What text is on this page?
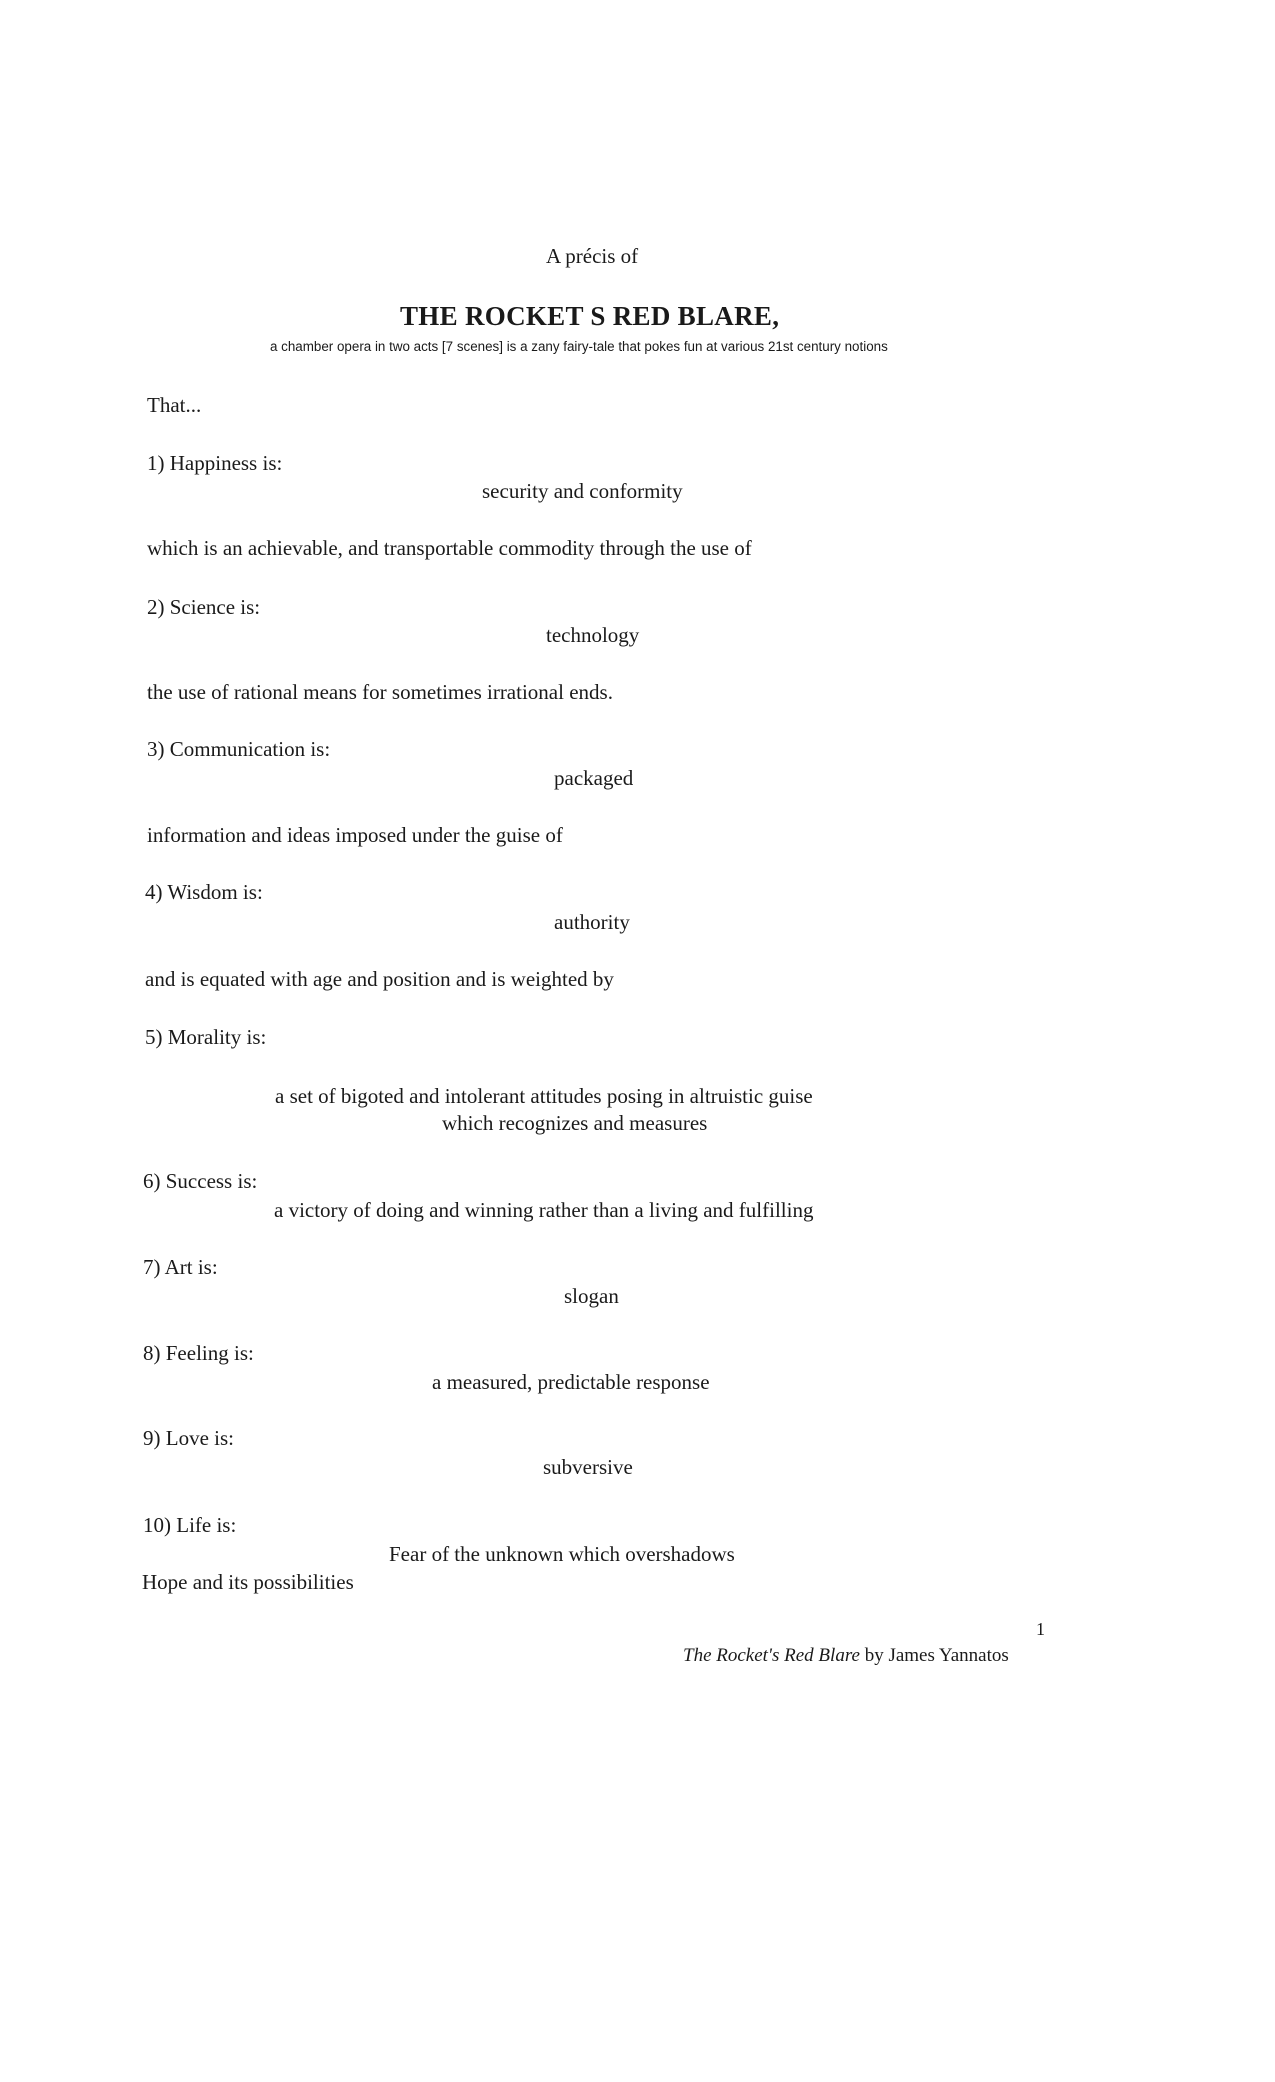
A précis of
THE ROCKET S RED BLARE,
a chamber opera in two acts [7 scenes] is a zany fairy-tale that pokes fun at various 21st century notions
That...
1) Happiness is:
security and conformity
which is an achievable, and transportable commodity through the use of
2) Science is:
technology
the use of rational means for sometimes irrational ends.
3) Communication is:
packaged
information and ideas imposed under the guise of
4) Wisdom is:
authority
and is equated with age and position and is weighted by
5) Morality is:
a set of bigoted and intolerant attitudes posing in altruistic guise
which recognizes and measures
6) Success is:
a victory of doing and winning rather than a living and fulfilling
7) Art is:
slogan
8) Feeling is:
a measured, predictable response
9) Love is:
subversive
10) Life is:
Fear of the unknown which overshadows
Hope and its possibilities
1
The Rocket's Red Blare by James Yannatos
